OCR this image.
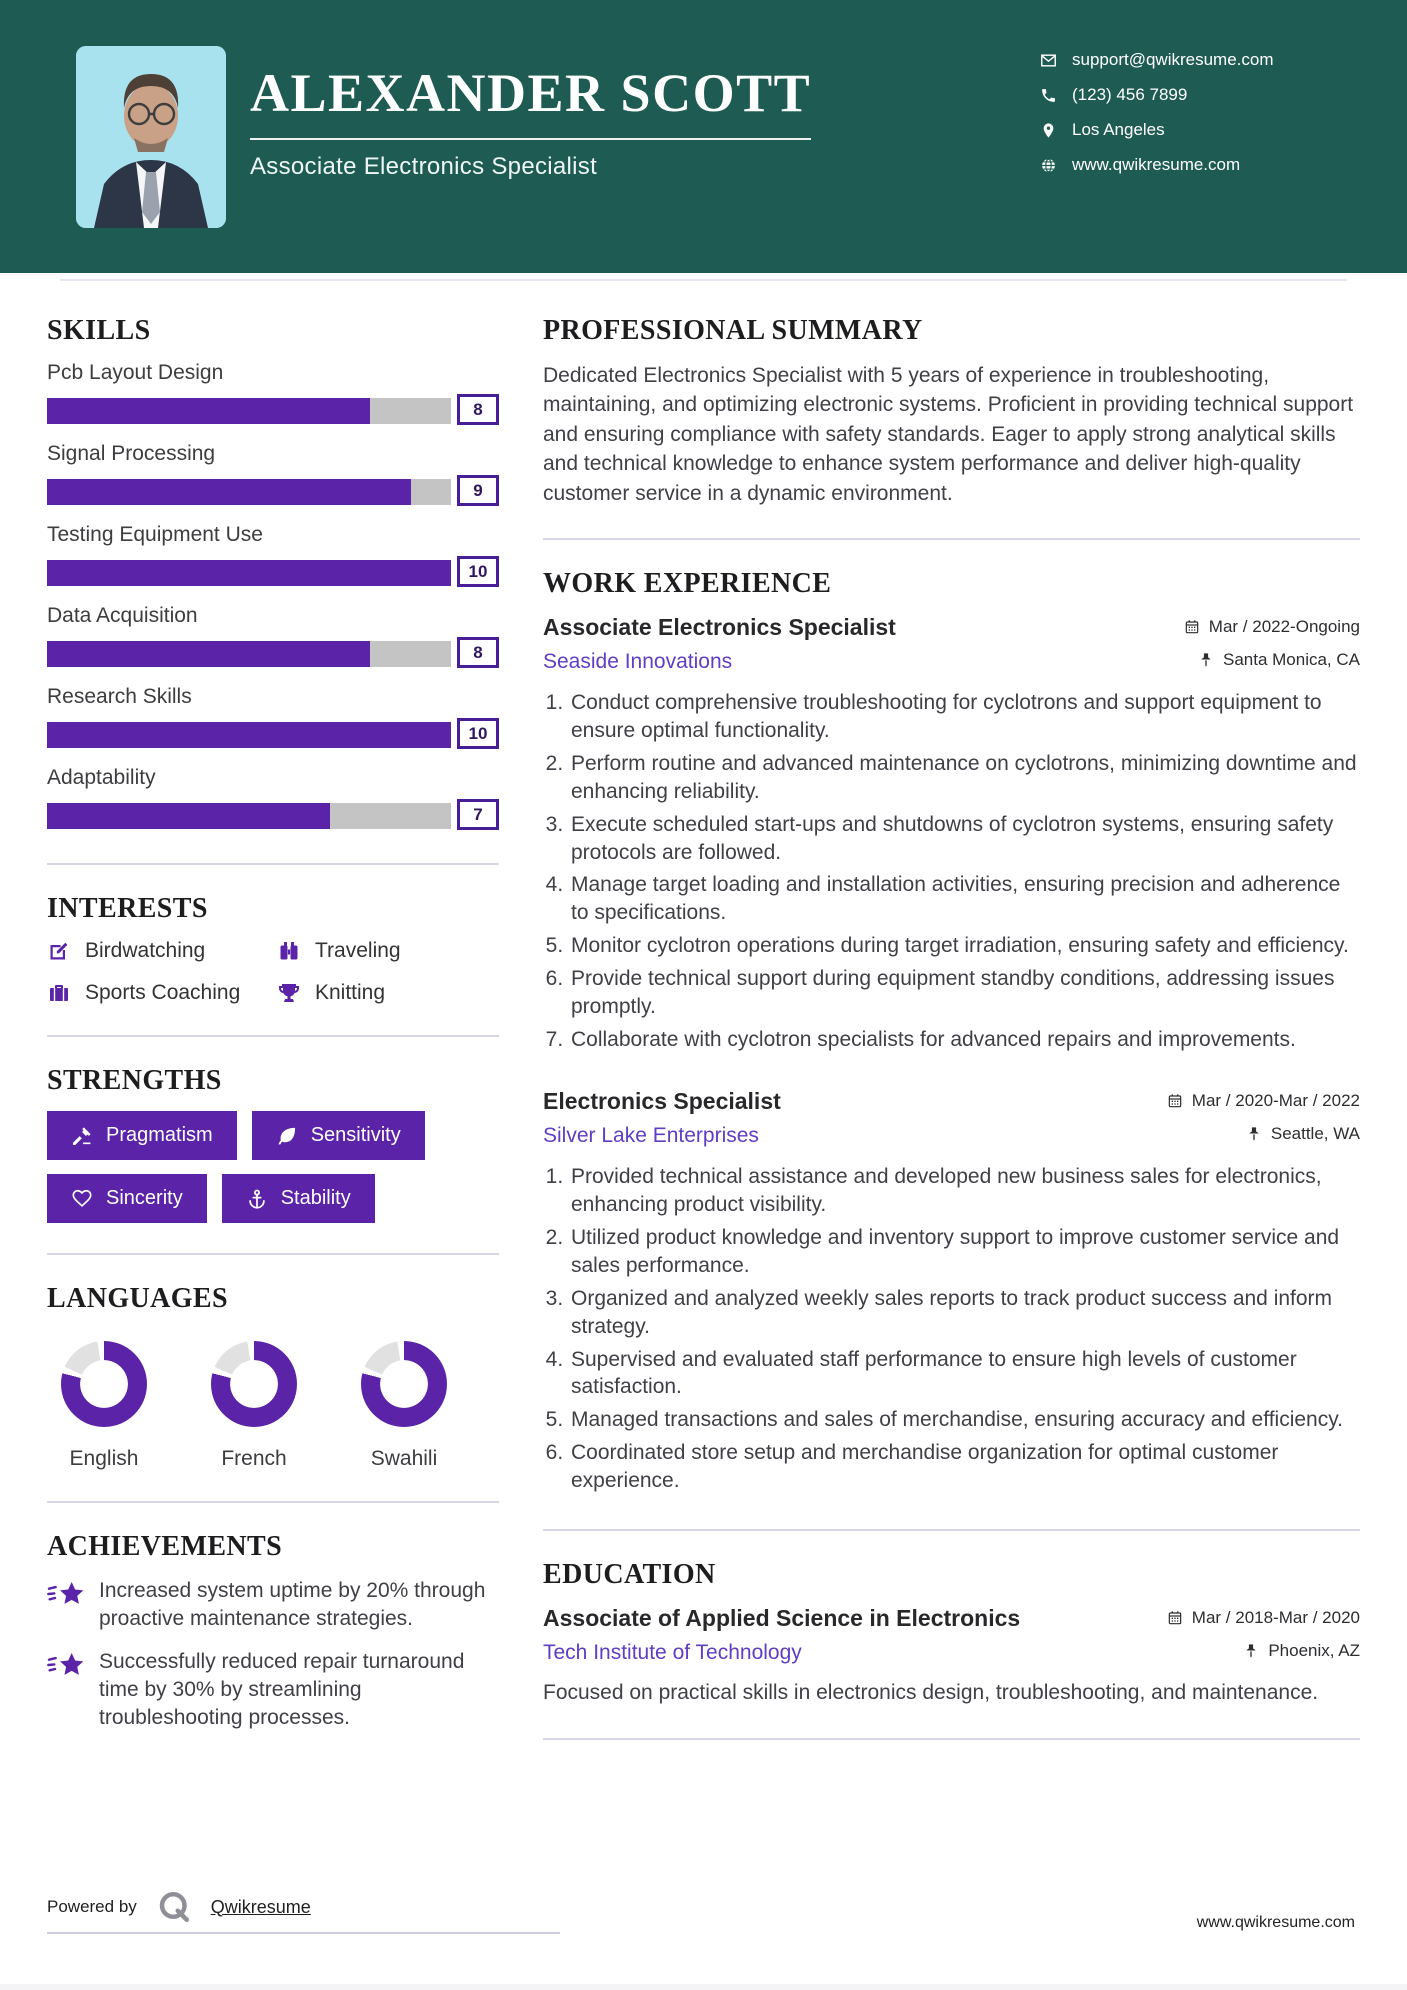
ALEXANDER SCOTT
Associate Electronics Specialist
support@qwikresume.com
(123) 456 7899
Los Angeles
www.qwikresume.com
SKILLS
Pcb Layout Design
8
Signal Processing
9
Testing Equipment Use
10
Data Acquisition
8
Research Skills
10
Adaptability
7
INTERESTS
Birdwatching	Traveling
Sports Coaching	Knitting
STRENGTHS
Pragmatism	Sensitivity
Sincerity	Stability
LANGUAGES
English	French	Swahili
ACHIEVEMENTS
Increased system uptime by 20% through proactive maintenance strategies.
Successfully reduced repair turnaround time by 30% by streamlining troubleshooting processes.
PROFESSIONAL SUMMARY

Dedicated Electronics Specialist with 5 years of experience in troubleshooting, maintaining, and optimizing electronic systems. Proficient in providing technical support and ensuring compliance with safety standards. Eager to apply strong analytical skills and technical knowledge to enhance system performance and deliver high-quality customer service in a dynamic environment.

WORK EXPERIENCE
Associate Electronics Specialist	Mar / 2022-Ongoing
Seaside Innovations	Santa Monica, CA
1. Conduct comprehensive troubleshooting for cyclotrons and support equipment to ensure optimal functionality.
2. Perform routine and advanced maintenance on cyclotrons, minimizing downtime and enhancing reliability.
3. Execute scheduled start-ups and shutdowns of cyclotron systems, ensuring safety protocols are followed.
4. Manage target loading and installation activities, ensuring precision and adherence to specifications.
5. Monitor cyclotron operations during target irradiation, ensuring safety and efficiency.
6. Provide technical support during equipment standby conditions, addressing issues promptly.
7. Collaborate with cyclotron specialists for advanced repairs and improvements.
Electronics Specialist	Mar / 2020-Mar / 2022
Silver Lake Enterprises	Seattle, WA
1. Provided technical assistance and developed new business sales for electronics, enhancing product visibility.
2. Utilized product knowledge and inventory support to improve customer service and sales performance.
3. Organized and analyzed weekly sales reports to track product success and inform strategy.
4. Supervised and evaluated staff performance to ensure high levels of customer satisfaction.
5. Managed transactions and sales of merchandise, ensuring accuracy and efficiency.
6. Coordinated store setup and merchandise organization for optimal customer experience.
EDUCATION
Associate of Applied Science in Electronics	Mar / 2018-Mar / 2020
Tech Institute of Technology	Phoenix, AZ

Focused on practical skills in electronics design, troubleshooting, and maintenance.

Powered by	Qwikresume
www.qwikresume.com
